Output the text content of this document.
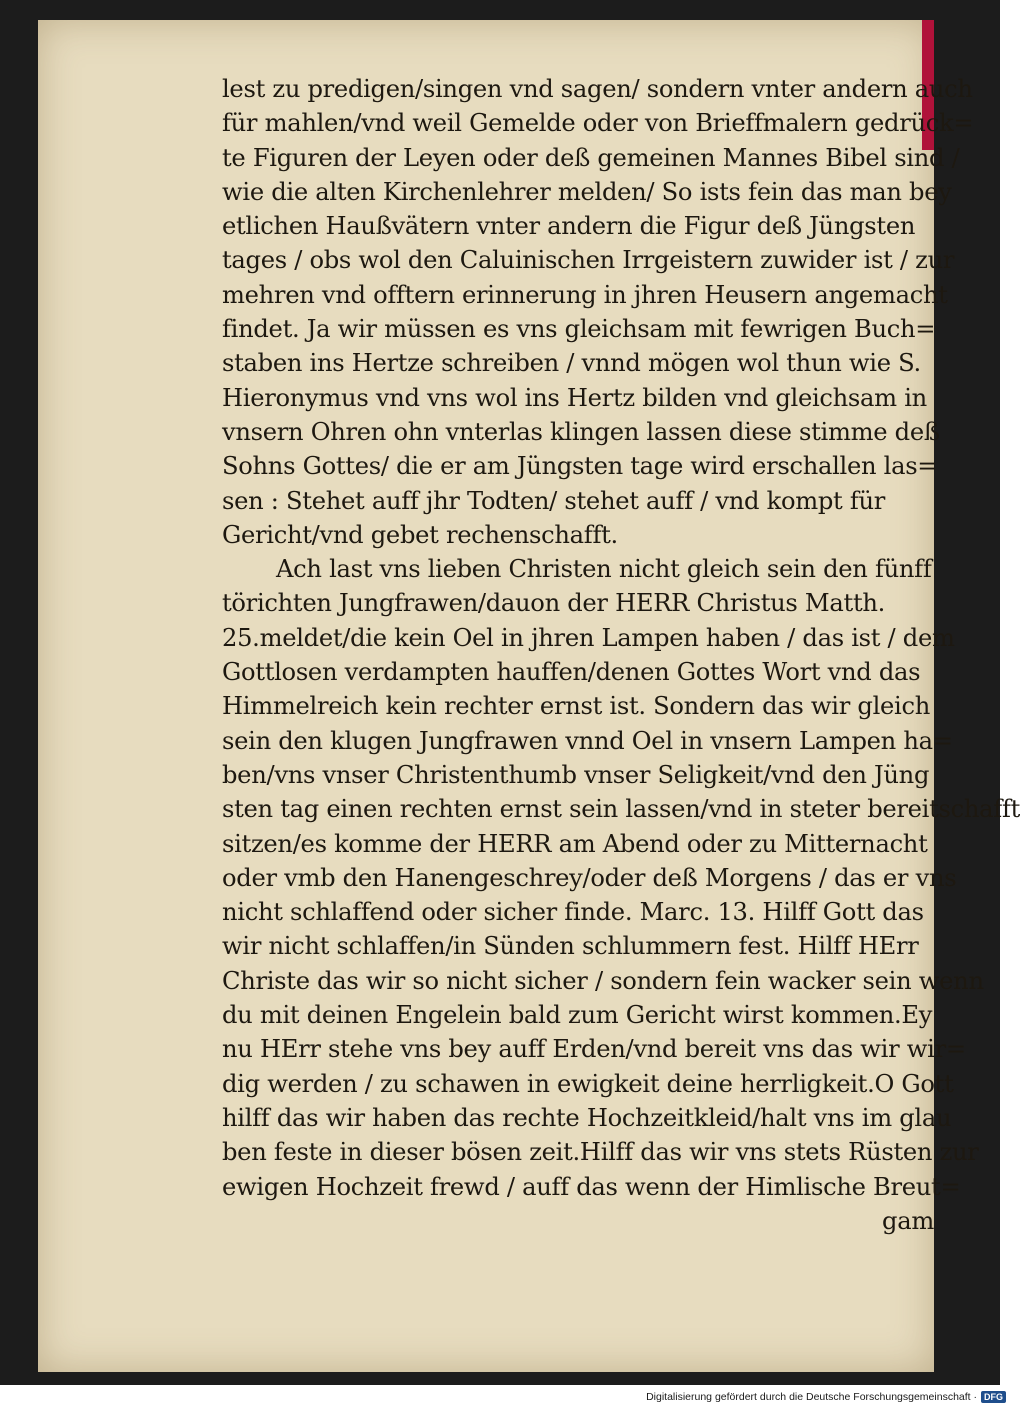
lest zu predigen/singen vnd sagen/ sondern vnter andern auch
für mahlen/vnd weil Gemelde oder von Brieffmalern gedrück=
te Figuren der Leyen oder deß gemeinen Mannes Bibel sind /
wie die alten Kirchenlehrer melden/ So ists fein das man bey
etlichen Haußvätern vnter andern die Figur deß Jüngsten
tages / obs wol den Caluinischen Irrgeistern zuwider ist / zur
mehren vnd offtern erinnerung in jhren Heusern angemacht
findet. Ja wir müssen es vns gleichsam mit fewrigen Buch=
staben ins Hertze schreiben / vnnd mögen wol thun wie S.
Hieronymus vnd vns wol ins Hertz bilden vnd gleichsam in
vnsern Ohren ohn vnterlas klingen lassen diese stimme deß
Sohns Gottes/ die er am Jüngsten tage wird erschallen las=
sen : Stehet auff jhr Todten/ stehet auff / vnd kompt für
Gericht/vnd gebet rechenschafft.
Ach last vns lieben Christen nicht gleich sein den fünff
törichten Jungfrawen/dauon der HERR Christus Matth.
25.meldet/die kein Oel in jhren Lampen haben / das ist / dem
Gottlosen verdampten hauffen/denen Gottes Wort vnd das
Himmelreich kein rechter ernst ist. Sondern das wir gleich
sein den klugen Jungfrawen vnnd Oel in vnsern Lampen ha=
ben/vns vnser Christenthumb vnser Seligkeit/vnd den Jüng
sten tag einen rechten ernst sein lassen/vnd in steter bereitschafft
sitzen/es komme der HERR am Abend oder zu Mitternacht
oder vmb den Hanengeschrey/oder deß Morgens / das er vns
nicht schlaffend oder sicher finde. Marc. 13. Hilff Gott das
wir nicht schlaffen/in Sünden schlummern fest. Hilff HErr
Christe das wir so nicht sicher / sondern fein wacker sein wenn
du mit deinen Engelein bald zum Gericht wirst kommen.Ey
nu HErr stehe vns bey auff Erden/vnd bereit vns das wir wir=
dig werden / zu schawen in ewigkeit deine herrligkeit.O Gott
hilff das wir haben das rechte Hochzeitkleid/halt vns im glau
ben feste in dieser bösen zeit.Hilff das wir vns stets Rüsten zur
ewigen Hochzeit frewd / auff das wenn der Himlische Breut=
gam
Digitalisierung gefördert durch die Deutsche Forschungsgemeinschaft · DFG
